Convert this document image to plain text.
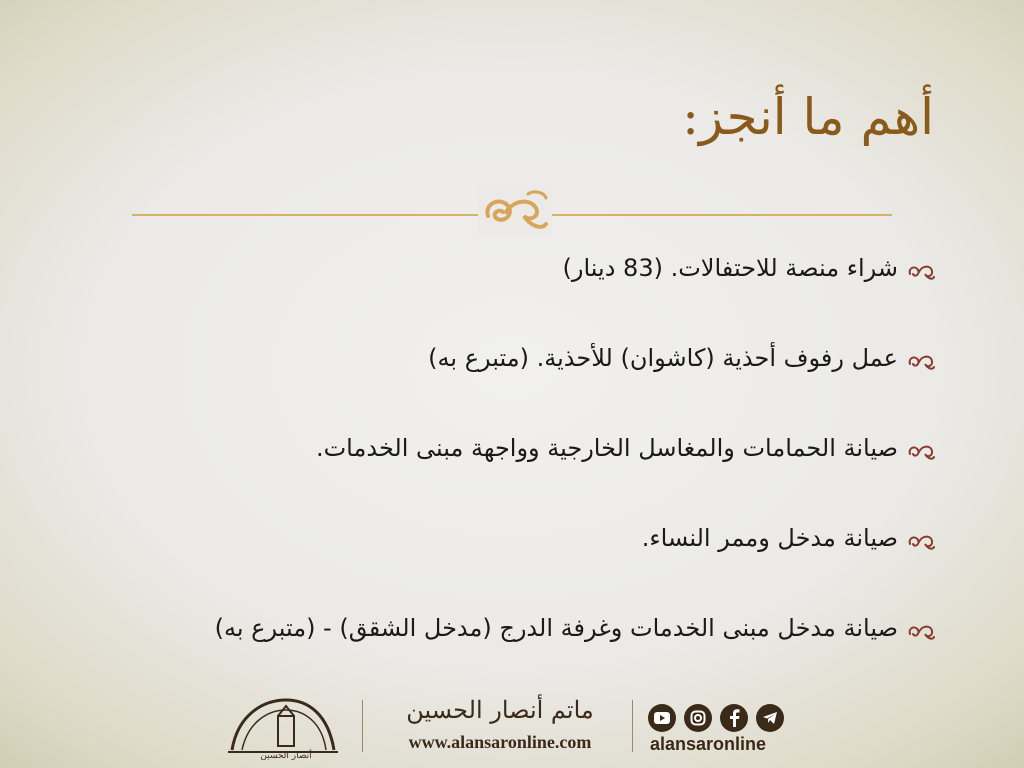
أهم ما أنجز:
شراء منصة للاحتفالات. (83 دينار)
عمل رفوف أحذية (كاشوان) للأحذية. (متبرع به)
صيانة الحمامات والمغاسل الخارجية وواجهة مبنى الخدمات.
صيانة مدخل وممر النساء.
صيانة مدخل مبنى الخدمات وغرفة الدرج (مدخل الشقق) - (متبرع به)
أنصار الحسين
ماتم أنصار الحسين
www.alansaronline.com	alansaronline
